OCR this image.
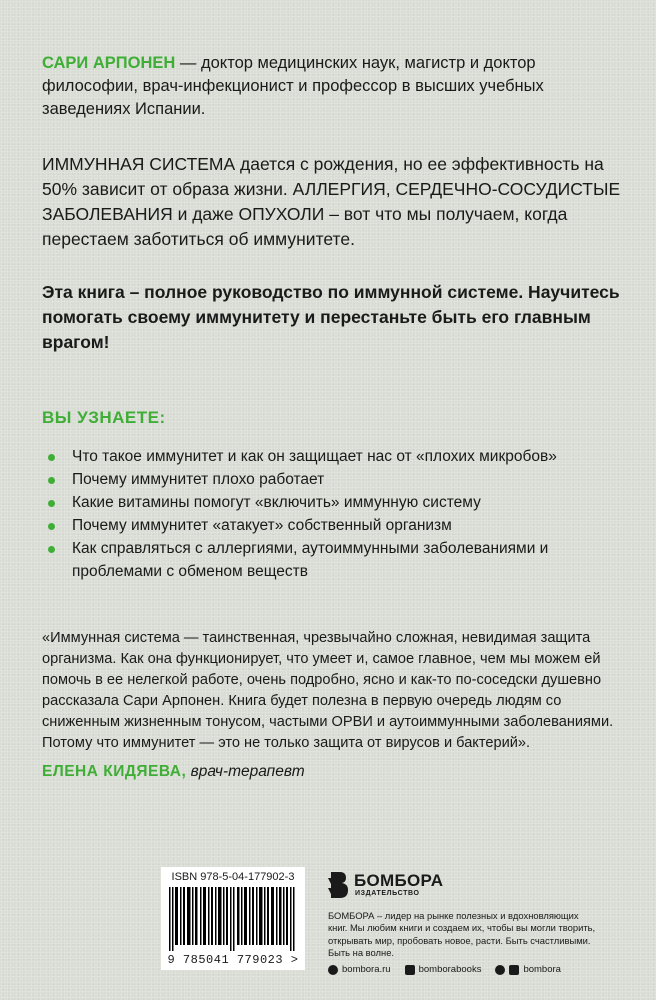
САРИ АРПОНЕН — доктор медицинских наук, магистр и доктор философии, врач-инфекционист и профессор в высших учебных заведениях Испании.
ИММУННАЯ СИСТЕМА дается с рождения, но ее эффективность на 50% зависит от образа жизни. АЛЛЕРГИЯ, СЕРДЕЧНО-СОСУДИСТЫЕ ЗАБОЛЕВАНИЯ и даже ОПУХОЛИ – вот что мы получаем, когда перестаем заботиться об иммунитете.
Эта книга – полное руководство по иммунной системе. Научитесь помогать своему иммунитету и перестаньте быть его главным врагом!
ВЫ УЗНАЕТЕ:
Что такое иммунитет и как он защищает нас от «плохих микробов»
Почему иммунитет плохо работает
Какие витамины помогут «включить» иммунную систему
Почему иммунитет «атакует» собственный организм
Как справляться с аллергиями, аутоиммунными заболеваниями и проблемами с обменом веществ
«Иммунная система — таинственная, чрезвычайно сложная, невидимая защита организма. Как она функционирует, что умеет и, самое главное, чем мы можем ей помочь в ее нелегкой работе, очень подробно, ясно и как-то по-соседски душевно рассказала Сари Арпонен. Книга будет полезна в первую очередь людям со сниженным жизненным тонусом, частыми ОРВИ и аутоиммунными заболеваниями. Потому что иммунитет — это не только защита от вирусов и бактерий».
ЕЛЕНА КИДЯЕВА, врач-терапевт
ISBN 978-5-04-177902-3
9 785041 779023 >
БОМБОРА
ИЗДАТЕЛЬСТВО
БОМБОРА – лидер на рынке полезных и вдохновляющих книг. Мы любим книги и создаем их, чтобы вы могли творить, открывать мир, пробовать новое, расти. Быть счастливыми. Быть на волне.
bombora.ru	bomborabooks	bombora
